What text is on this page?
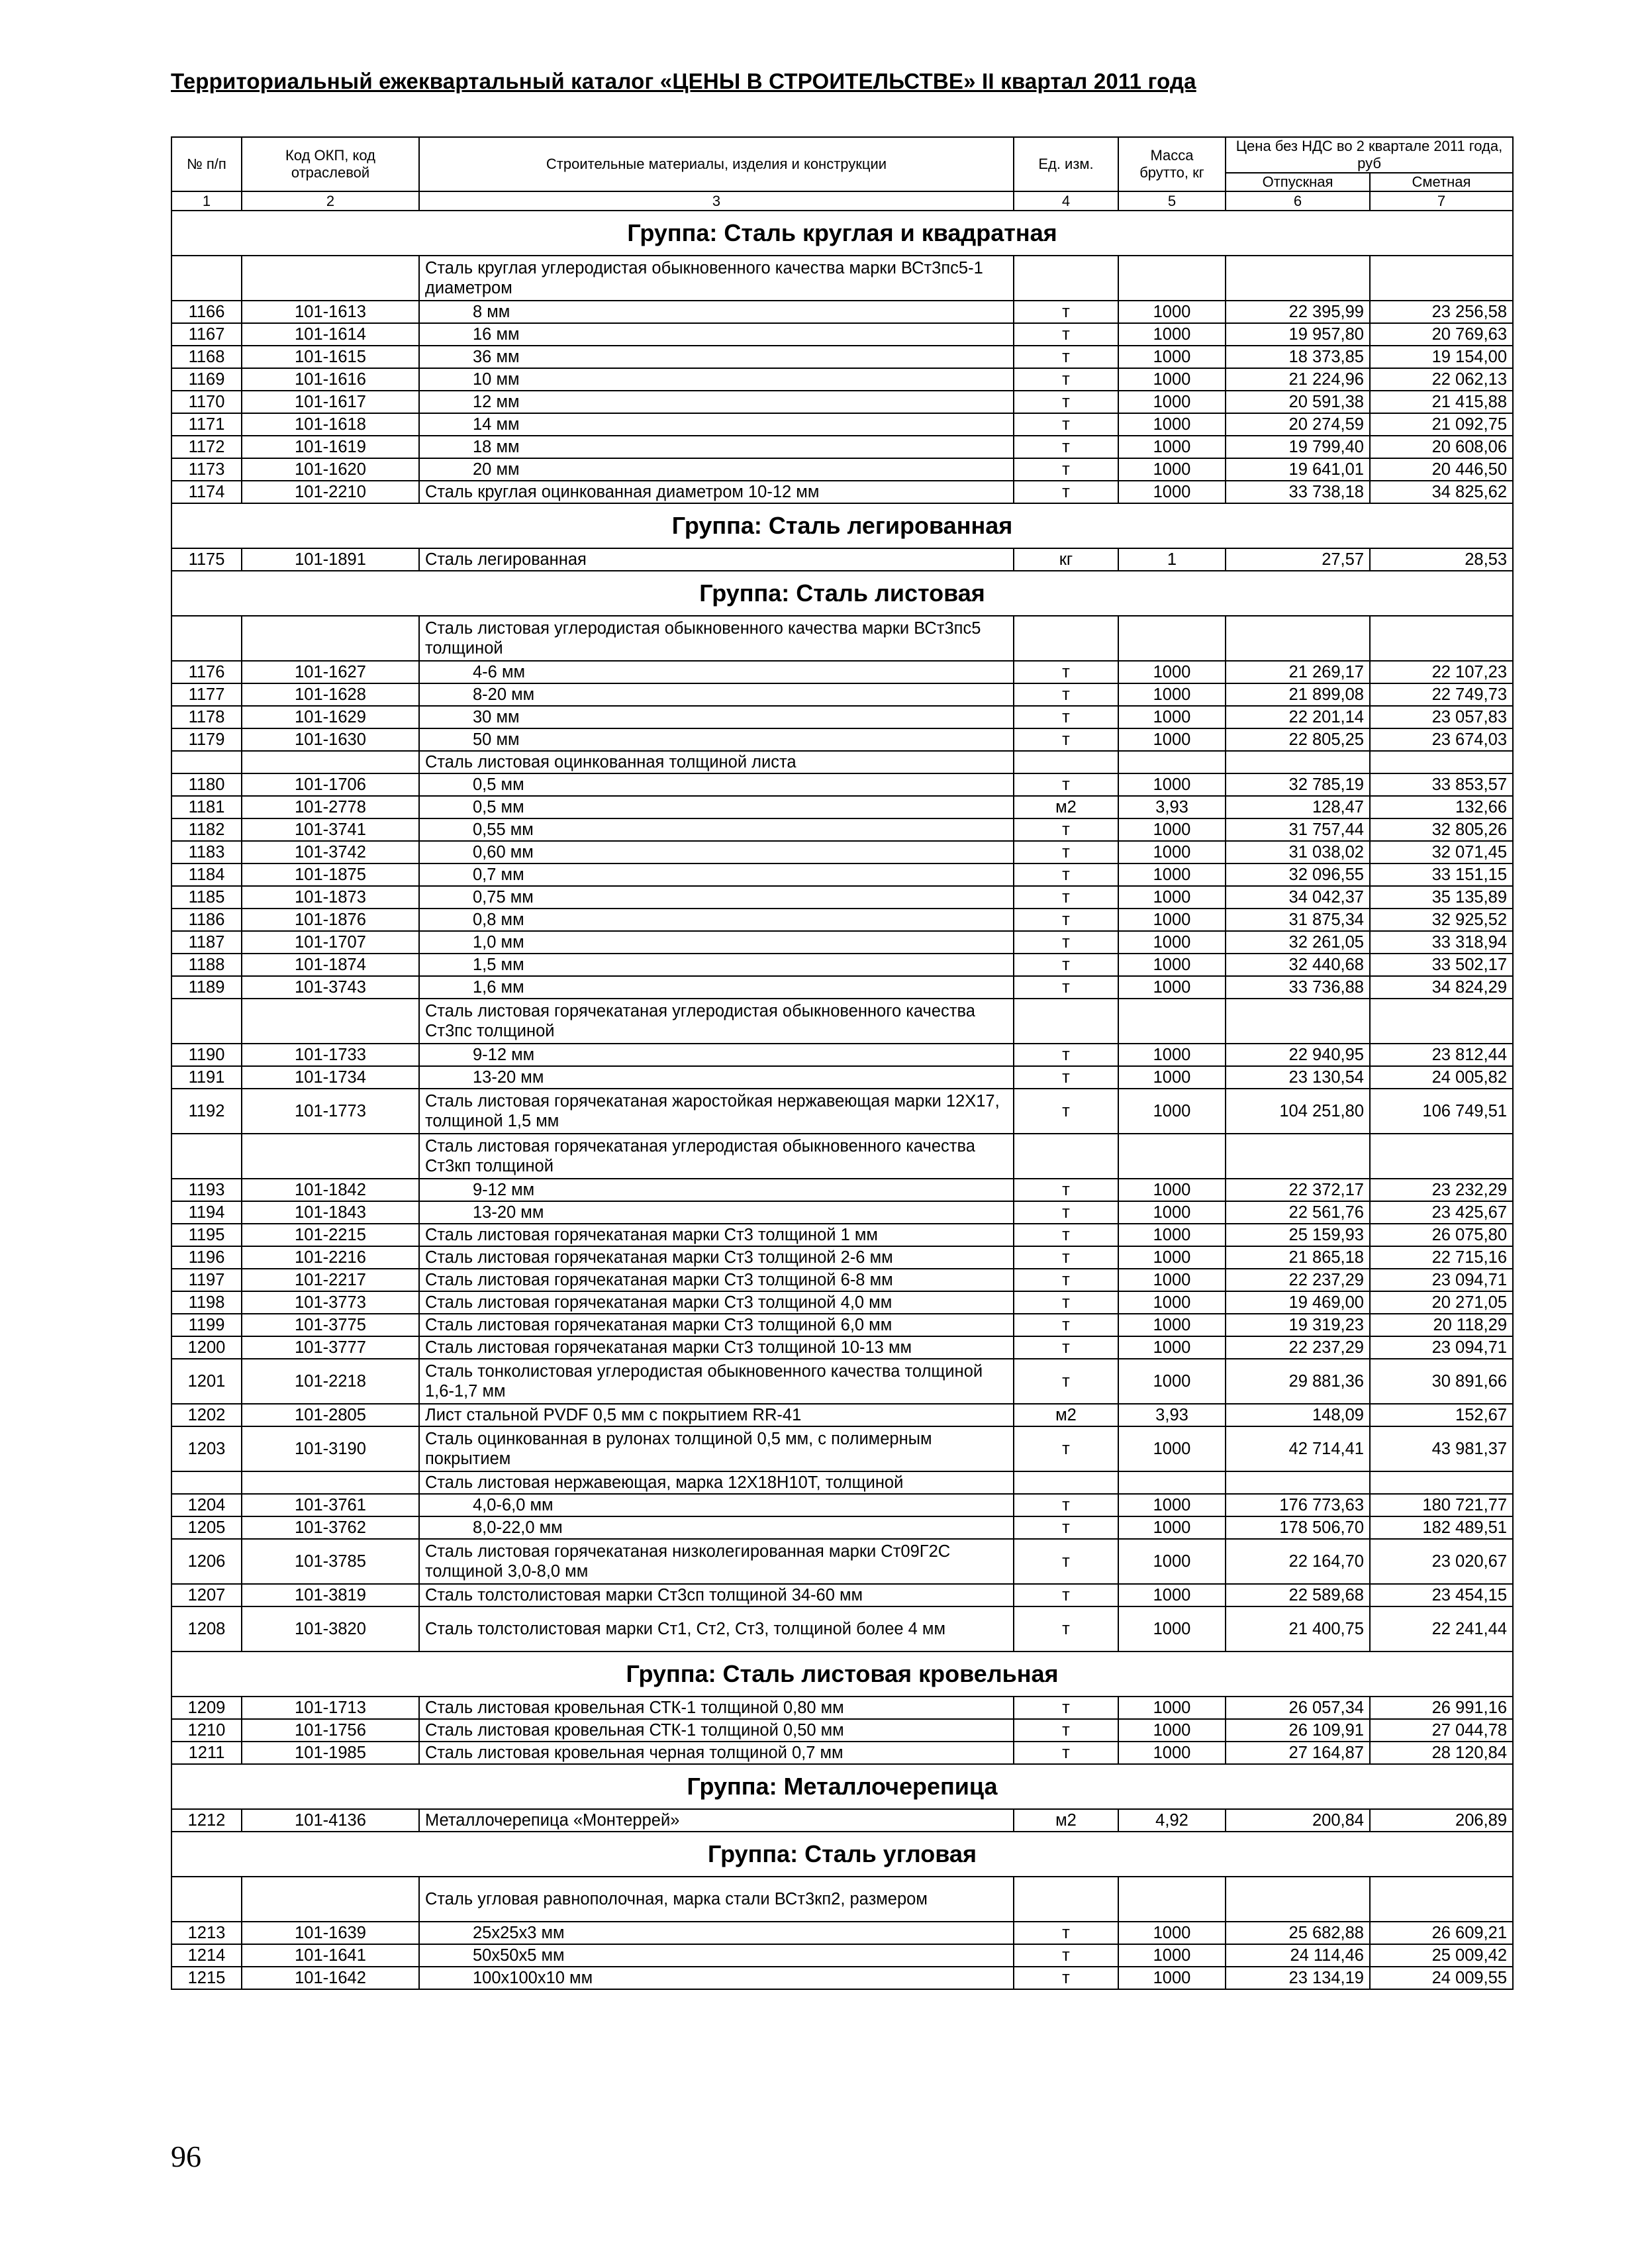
Территориальный ежеквартальный каталог «ЦЕНЫ В СТРОИТЕЛЬСТВЕ» II квартал 2011 года
№ п/п	Код ОКП, код отраслевой	Строительные материалы, изделия и конструкции	Ед. изм.	Масса брутто, кг	Цена без НДС во 2 квартале 2011 года, руб	
					Отпускная	Сметная
1	2	3	4	5	6	7
Группа: Сталь круглая и квадратная						
		Сталь круглая углеродистая обыкновенного качества марки ВСт3пс5-1 диаметром				
1166	101-1613	8 мм	т	1000	22 395,99	23 256,58
1167	101-1614	16 мм	т	1000	19 957,80	20 769,63
1168	101-1615	36 мм	т	1000	18 373,85	19 154,00
1169	101-1616	10 мм	т	1000	21 224,96	22 062,13
1170	101-1617	12 мм	т	1000	20 591,38	21 415,88
1171	101-1618	14 мм	т	1000	20 274,59	21 092,75
1172	101-1619	18 мм	т	1000	19 799,40	20 608,06
1173	101-1620	20 мм	т	1000	19 641,01	20 446,50
1174	101-2210	Сталь круглая оцинкованная диаметром 10-12 мм	т	1000	33 738,18	34 825,62
Группа: Сталь легированная						
1175	101-1891	Сталь легированная	кг	1	27,57	28,53
Группа: Сталь листовая						
		Сталь листовая углеродистая обыкновенного качества марки ВСт3пс5 толщиной				
1176	101-1627	4-6 мм	т	1000	21 269,17	22 107,23
1177	101-1628	8-20 мм	т	1000	21 899,08	22 749,73
1178	101-1629	30 мм	т	1000	22 201,14	23 057,83
1179	101-1630	50 мм	т	1000	22 805,25	23 674,03
		Сталь листовая оцинкованная толщиной листа				
1180	101-1706	0,5 мм	т	1000	32 785,19	33 853,57
1181	101-2778	0,5 мм	м2	3,93	128,47	132,66
1182	101-3741	0,55 мм	т	1000	31 757,44	32 805,26
1183	101-3742	0,60 мм	т	1000	31 038,02	32 071,45
1184	101-1875	0,7 мм	т	1000	32 096,55	33 151,15
1185	101-1873	0,75 мм	т	1000	34 042,37	35 135,89
1186	101-1876	0,8 мм	т	1000	31 875,34	32 925,52
1187	101-1707	1,0 мм	т	1000	32 261,05	33 318,94
1188	101-1874	1,5 мм	т	1000	32 440,68	33 502,17
1189	101-3743	1,6 мм	т	1000	33 736,88	34 824,29
		Сталь листовая горячекатаная углеродистая обыкновенного качества Ст3пс толщиной				
1190	101-1733	9-12 мм	т	1000	22 940,95	23 812,44
1191	101-1734	13-20 мм	т	1000	23 130,54	24 005,82
1192	101-1773	Сталь листовая горячекатаная жаростойкая нержавеющая марки 12Х17, толщиной 1,5 мм	т	1000	104 251,80	106 749,51
		Сталь листовая горячекатаная углеродистая обыкновенного качества Ст3кп толщиной				
1193	101-1842	9-12 мм	т	1000	22 372,17	23 232,29
1194	101-1843	13-20 мм	т	1000	22 561,76	23 425,67
1195	101-2215	Сталь листовая горячекатаная марки Ст3 толщиной 1 мм	т	1000	25 159,93	26 075,80
1196	101-2216	Сталь листовая горячекатаная марки Ст3 толщиной 2-6 мм	т	1000	21 865,18	22 715,16
1197	101-2217	Сталь листовая горячекатаная марки Ст3 толщиной 6-8 мм	т	1000	22 237,29	23 094,71
1198	101-3773	Сталь листовая горячекатаная марки Ст3 толщиной 4,0 мм	т	1000	19 469,00	20 271,05
1199	101-3775	Сталь листовая горячекатаная марки Ст3 толщиной 6,0 мм	т	1000	19 319,23	20 118,29
1200	101-3777	Сталь листовая горячекатаная марки Ст3 толщиной 10-13 мм	т	1000	22 237,29	23 094,71
1201	101-2218	Сталь тонколистовая углеродистая обыкновенного качества толщиной 1,6-1,7 мм	т	1000	29 881,36	30 891,66
1202	101-2805	Лист стальной PVDF 0,5 мм с покрытием RR-41	м2	3,93	148,09	152,67
1203	101-3190	Сталь оцинкованная в рулонах толщиной 0,5 мм, с полимерным покрытием	т	1000	42 714,41	43 981,37
		Сталь листовая нержавеющая, марка 12Х18Н10Т, толщиной				
1204	101-3761	4,0-6,0 мм	т	1000	176 773,63	180 721,77
1205	101-3762	8,0-22,0 мм	т	1000	178 506,70	182 489,51
1206	101-3785	Сталь листовая горячекатаная низколегированная марки Ст09Г2С толщиной 3,0-8,0 мм	т	1000	22 164,70	23 020,67
1207	101-3819	Сталь толстолистовая марки Ст3сп толщиной 34-60 мм	т	1000	22 589,68	23 454,15
1208	101-3820	Сталь толстолистовая марки Ст1, Ст2, Ст3, толщиной более 4 мм	т	1000	21 400,75	22 241,44
Группа: Сталь листовая кровельная						
1209	101-1713	Сталь листовая кровельная СТК-1 толщиной 0,80 мм	т	1000	26 057,34	26 991,16
1210	101-1756	Сталь листовая кровельная СТК-1 толщиной 0,50 мм	т	1000	26 109,91	27 044,78
1211	101-1985	Сталь листовая кровельная черная толщиной 0,7 мм	т	1000	27 164,87	28 120,84
Группа: Металлочерепица						
1212	101-4136	Металлочерепица «Монтеррей»	м2	4,92	200,84	206,89
Группа: Сталь угловая						
		Сталь угловая равнополочная, марка стали ВСт3кп2, размером				
1213	101-1639	25х25х3 мм	т	1000	25 682,88	26 609,21
1214	101-1641	50х50х5 мм	т	1000	24 114,46	25 009,42
1215	101-1642	100х100х10 мм	т	1000	23 134,19	24 009,55
96
